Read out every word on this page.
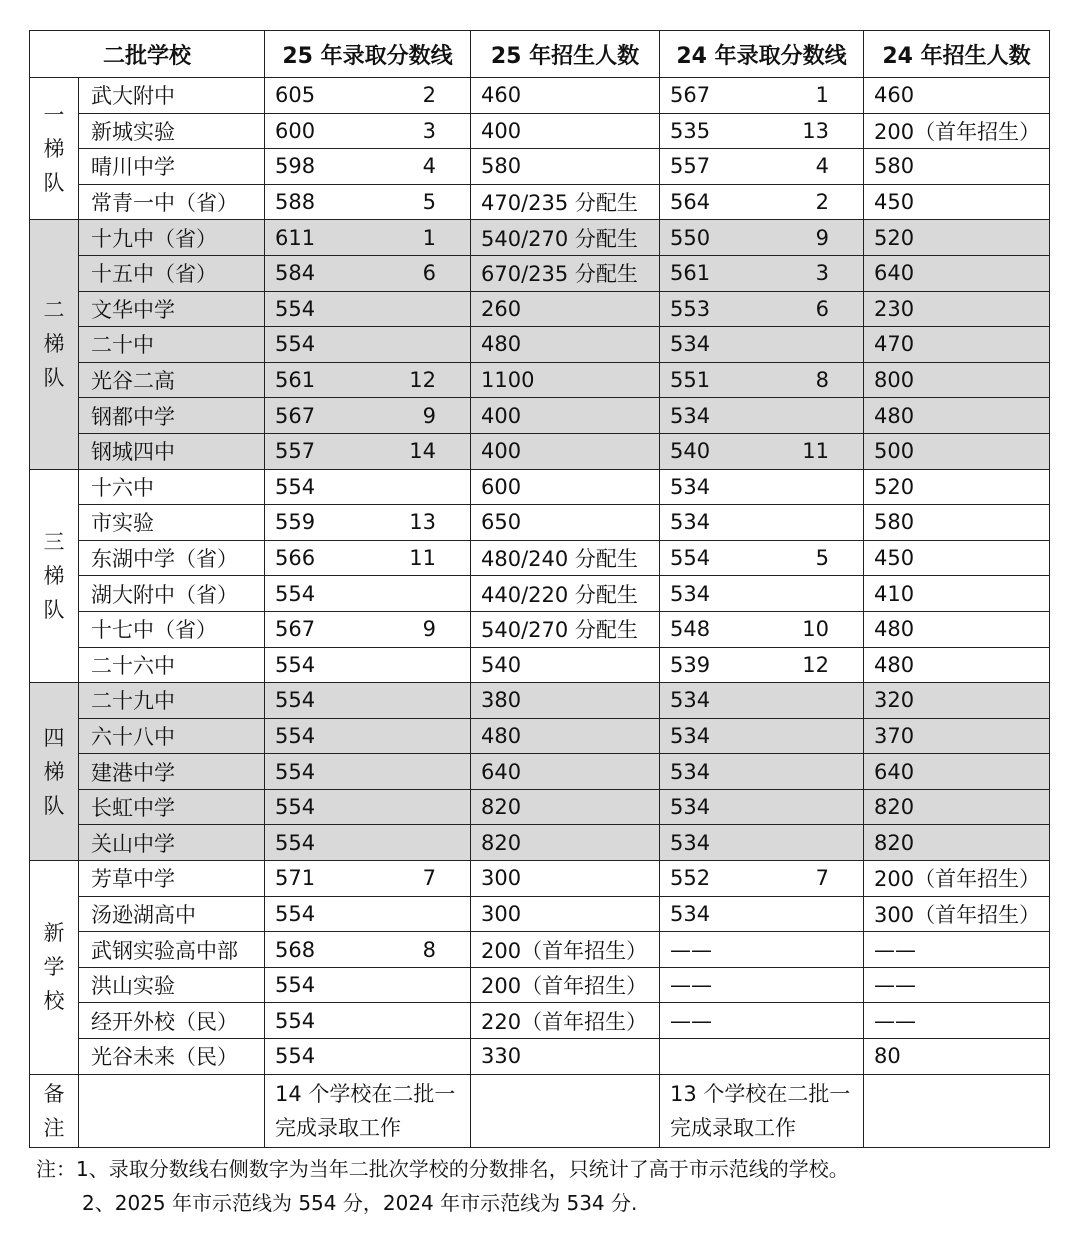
二批学校		25 年录取分数线	25 年招生人数	24 年录取分数线	24 年招生人数

一梯队	武大附中	605 2	460	567 1	460
	新城实验	600 3	400	535 13	200（首年招生）
	晴川中学	598 4	580	557 4	580
	常青一中（省）	588 5	470/235 分配生	564 2	450

二梯队	十九中（省）	611 1	540/270 分配生	550 9	520
	十五中（省）	584 6	670/235 分配生	561 3	640
	文华中学	554	260	553 6	230
	二十中	554	480	534	470
	光谷二高	561 12	1100	551 8	800
	钢都中学	567 9	400	534	480
	钢城四中	557 14	400	540 11	500

三梯队	十六中	554	600	534	520
	市实验	559 13	650	534	580
	东湖中学（省）	566 11	480/240 分配生	554 5	450
	湖大附中（省）	554	440/220 分配生	534	410
	十七中（省）	567 9	540/270 分配生	548 10	480
	二十六中	554	540	539 12	480

四梯队	二十九中	554	380	534	320
	六十八中	554	480	534	370
	建港中学	554	640	534	640
	长虹中学	554	820	534	820
	关山中学	554	820	534	820

新学校	芳草中学	571 7	300	552 7	200（首年招生）
	汤逊湖高中	554	300	534	300（首年招生）
	武钢实验高中部	568 8	200（首年招生）	——	——
	洪山实验	554	200（首年招生）	——	——
	经开外校（民）	554	220（首年招生）	——	——
	光谷未来（民）	554	330		80

备注		14 个学校在二批一完成录取工作		13 个学校在二批一完成录取工作	
注：1、录取分数线右侧数字为当年二批次学校的分数排名，只统计了高于市示范线的学校。
2、2025 年市示范线为 554 分，2024 年市示范线为 534 分.
